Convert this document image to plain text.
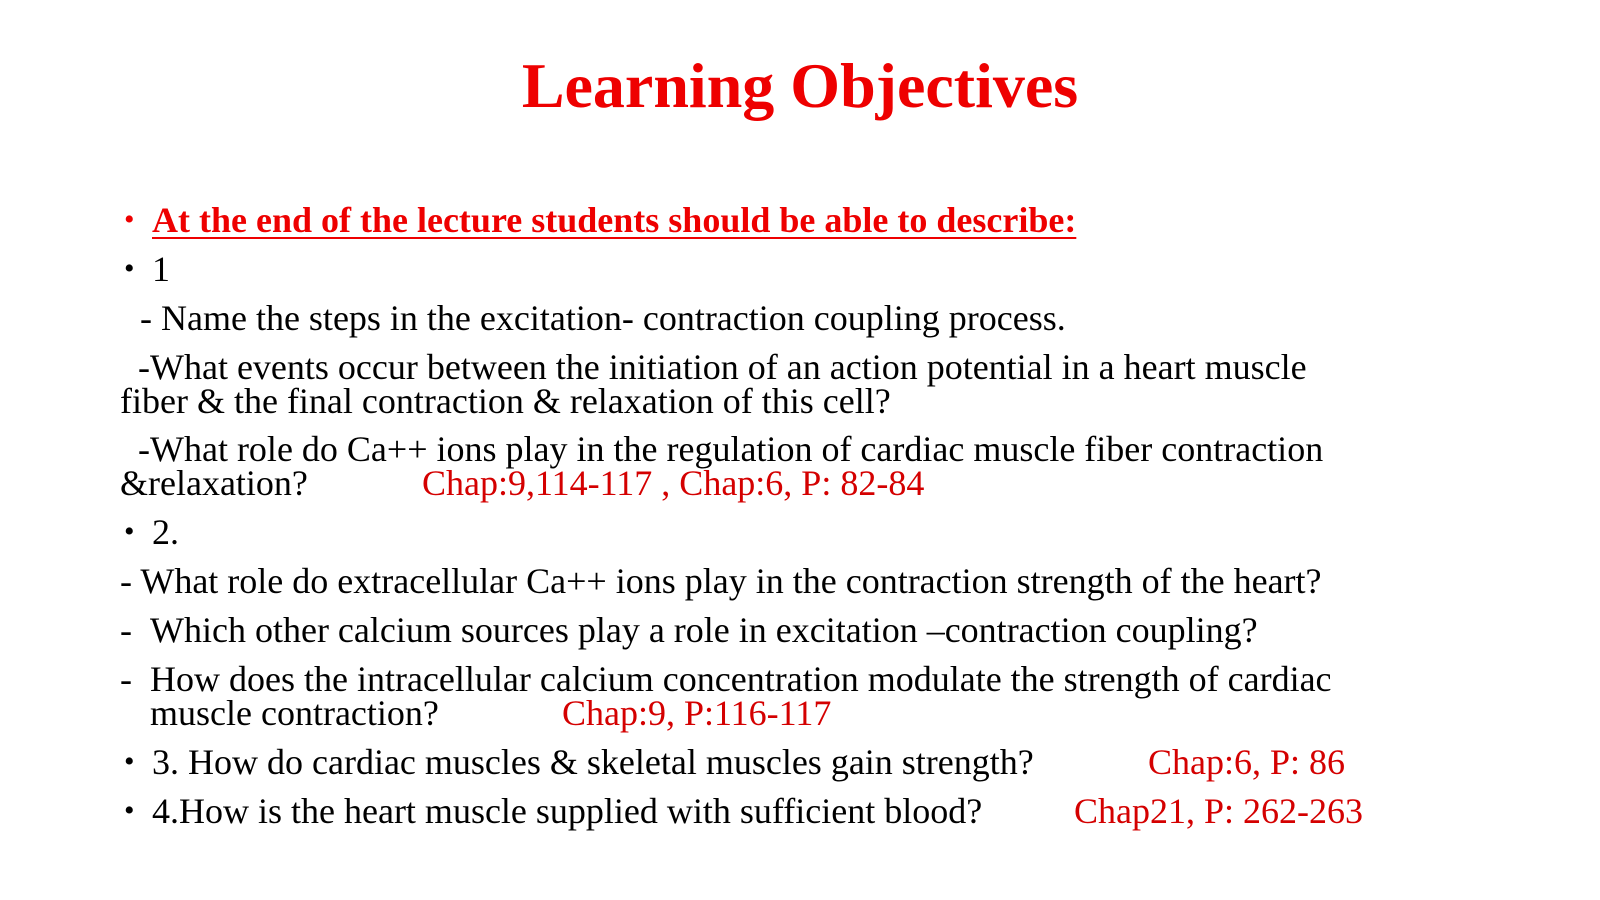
Learning Objectives
• At the end of the lecture students should be able to describe:
• 1
- Name the steps in the excitation- contraction coupling process.
-What events occur between the initiation of an action potential in a heart muscle
fiber & the final contraction & relaxation of this cell?
-What role do Ca++ ions play in the regulation of cardiac muscle fiber contraction
&relaxation?	Chap:9,114-117 , Chap:6, P: 82-84
• 2.
- What role do extracellular Ca++ ions play in the contraction strength of the heart?
- Which other calcium sources play a role in excitation –contraction coupling?
- How does the intracellular calcium concentration modulate the strength of cardiac
muscle contraction?	Chap:9, P:116-117
• 3. How do cardiac muscles & skeletal muscles gain strength?	Chap:6, P: 86
• 4.How is the heart muscle supplied with sufficient blood?	Chap21, P: 262-263
